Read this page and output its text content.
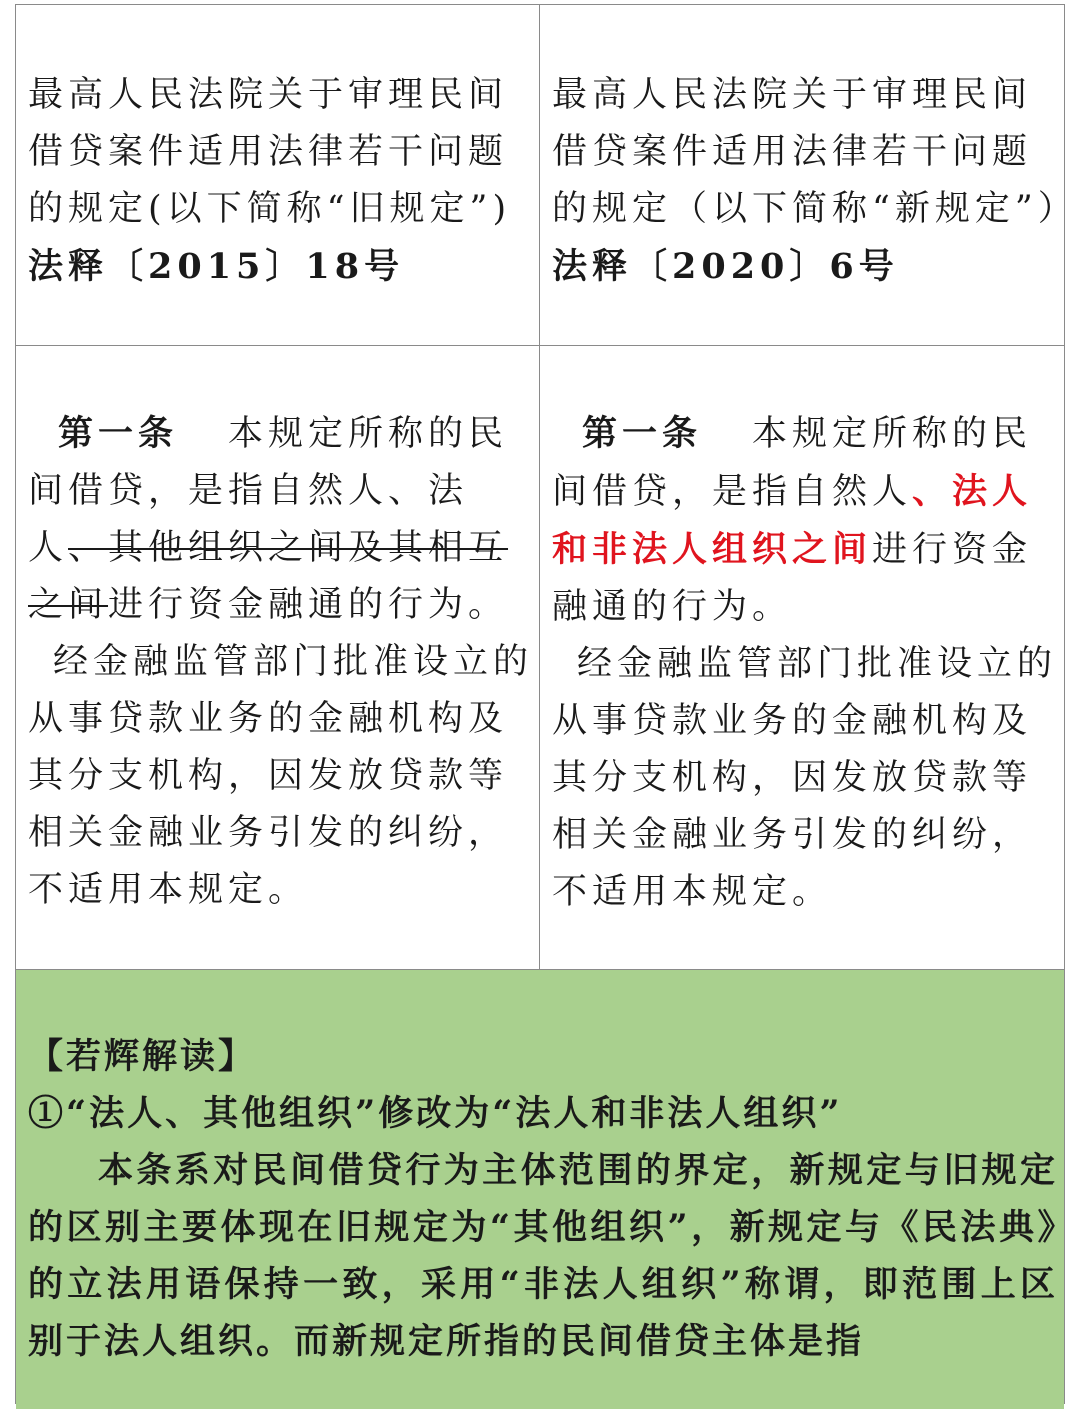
最高人民法院关于审理民间借贷案件适用法律若干问题的规定(以下简称“旧规定”)
法释〔2015〕18号
最高人民法院关于审理民间借贷案件适用法律若干问题的规定（以下简称“新规定”）
法释〔2020〕6号
第一条 本规定所称的民间借贷，是指自然人、法人、其他组织之间及其相互之间进行资金融通的行为。
经金融监管部门批准设立的从事贷款业务的金融机构及其分支机构，因发放贷款等相关金融业务引发的纠纷，不适用本规定。
第一条 本规定所称的民间借贷，是指自然人、法人和非法人组织之间进行资金融通的行为。
经金融监管部门批准设立的从事贷款业务的金融机构及其分支机构，因发放贷款等相关金融业务引发的纠纷，不适用本规定。
【若辉解读】
①“法人、其他组织”修改为“法人和非法人组织”
本条系对民间借贷行为主体范围的界定，新规定与旧规定的区别主要体现在旧规定为“其他组织”，新规定与《民法典》的立法用语保持一致，采用“非法人组织”称谓，即范围上区别于法人组织。而新规定所指的民间借贷主体是指
